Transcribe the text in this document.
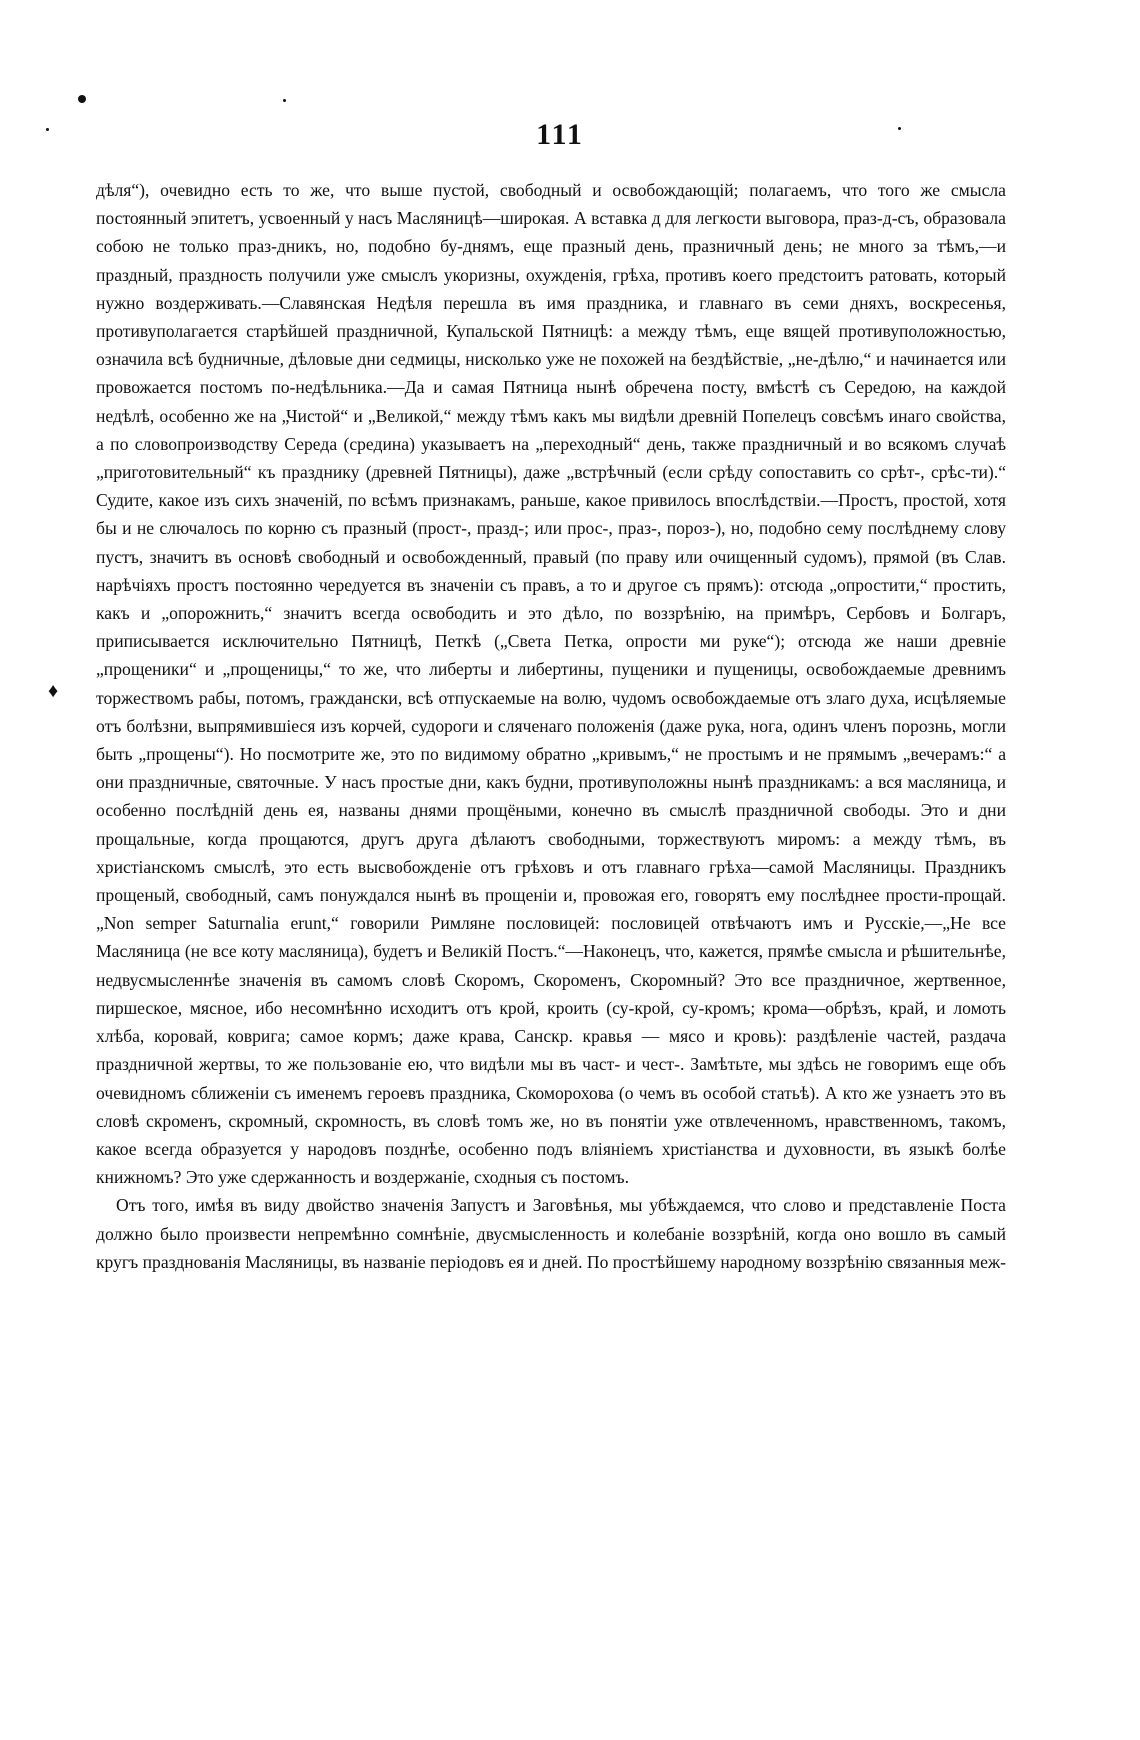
111
♦

дѣля“), очевидно есть то же, что выше пустой, свободный и освобождающій; полагаемъ, что того же смысла постоянный эпитетъ, усвоенный у насъ Масляницѣ—широкая. А вставка д для легкости выговора, праз-д-съ, образовала собою не только праз-дникъ, но, подобно бу-днямъ, еще празный день, празничный день; не много за тѣмъ,—и праздный, праздность получили уже смыслъ укоризны, охужденія, грѣха, противъ коего предстоитъ ратовать, который нужно воздерживать.—Славянская Недѣля перешла въ имя праздника, и главнаго въ семи дняхъ, воскресенья, противуполагается старѣйшей праздничной, Купальской Пятницѣ: а между тѣмъ, еще вящей противуположностью, означила всѣ будничные, дѣловые дни седмицы, нисколько уже не похожей на бездѣйствіе, „не-дѣлю,“ и начинается или провожается постомъ по-недѣльника.—Да и самая Пятница нынѣ обречена посту, вмѣстѣ съ Середою, на каждой недѣлѣ, особенно же на „Чистой“ и „Великой,“ между тѣмъ какъ мы видѣли древній Попелецъ совсѣмъ инаго свойства, а по словопроизводству Середа (средина) указываетъ на „переходный“ день, также праздничный и во всякомъ случаѣ „приготовительный“ къ празднику (древней Пятницы), даже „встрѣчный (если срѣду сопоставить со срѣт-, срѣс-ти).“ Судите, какое изъ сихъ значеній, по всѣмъ признакамъ, раньше, какое привилось впослѣдствіи.—Простъ, простой, хотя бы и не слючалось по корню съ празный (прост-, празд-; или прос-, праз-, пороз-), но, подобно сему послѣднему слову пустъ, значитъ въ основѣ свободный и освобожденный, правый (по праву или очищенный судомъ), прямой (въ Слав. нарѣчіяхъ простъ постоянно чередуется въ значеніи съ правъ, а то и другое съ прямъ): отсюда „опростити,“ простить, какъ и „опорожнить,“ значитъ всегда освободить и это дѣло, по воззрѣнію, на примѣръ, Сербовъ и Болгаръ, приписывается исключительно Пятницѣ, Петкѣ („Света Петка, опрости ми руке“); отсюда же наши древніе „прощеники“ и „прощеницы,“ то же, что либерты и либертины, пущеники и пущеницы, освобождаемые древнимъ торжествомъ рабы, потомъ, граждански, всѣ отпускаемые на волю, чудомъ освобождаемые отъ злаго духа, исцѣляемые отъ болѣзни, выпрямившіеся изъ корчей, судороги и сляченаго положенія (даже рука, нога, одинъ членъ порознь, могли быть „прощены“). Но посмотрите же, это по видимому обратно „кривымъ,“ не простымъ и не прямымъ „вечерамъ:“ а они праздничные, святочные. У насъ простые дни, какъ будни, противуположны нынѣ праздникамъ: а вся масляница, и особенно послѣдній день ея, названы днями прощёными, конечно въ смыслѣ праздничной свободы. Это и дни прощальные, когда прощаются, другъ друга дѣлаютъ свободными, торжествуютъ миромъ: а между тѣмъ, въ христіанскомъ смыслѣ, это есть высвобожденіе отъ грѣховъ и отъ главнаго грѣха—самой Масляницы. Праздникъ прощеный, свободный, самъ понуждался нынѣ въ прощеніи и, провожая его, говорятъ ему послѣднее прости-прощай. „Non semper Saturnalia erunt,“ говорили Римляне пословицей: пословицей отвѣчаютъ имъ и Русскіе,—„Не все Масляница (не все коту масляница), будетъ и Великій Постъ.“—Наконецъ, что, кажется, прямѣе смысла и рѣшительнѣе, недвусмысленнѣе значенія въ самомъ словѣ Скоромъ, Скороменъ, Скоромный? Это все праздничное, жертвенное, пиршеское, мясное, ибо несомнѣнно исходитъ отъ крой, кроить (су-крой, су-кромъ; крома—обрѣзъ, край, и ломоть хлѣба, коровай, коврига; самое кормъ; даже крава, Санскр. кравья — мясо и кровь): раздѣленіе частей, раздача праздничной жертвы, то же пользованіе ею, что видѣли мы въ част- и чест-. Замѣтьте, мы здѣсь не говоримъ еще объ очевидномъ сближеніи съ именемъ героевъ праздника, Скоморохова (о чемъ въ особой статьѣ). А кто же узнаетъ это въ словѣ скроменъ, скромный, скромность, въ словѣ томъ же, но въ понятіи уже отвлеченномъ, нравственномъ, такомъ, какое всегда образуется у народовъ позднѣе, особенно подъ вліяніемъ христіанства и духовности, въ языкѣ болѣе книжномъ? Это уже сдержанность и воздержаніе, сходныя съ постомъ.

Отъ того, имѣя въ виду двойство значенія Запустъ и Заговѣнья, мы убѣждаемся, что слово и представленіе Поста должно было произвести непремѣнно сомнѣніе, двусмысленность и колебаніе воззрѣній, когда оно вошло въ самый кругъ празднованія Масляницы, въ названіе періодовъ ея и дней. По простѣйшему народному воззрѣнію связанныя меж-
